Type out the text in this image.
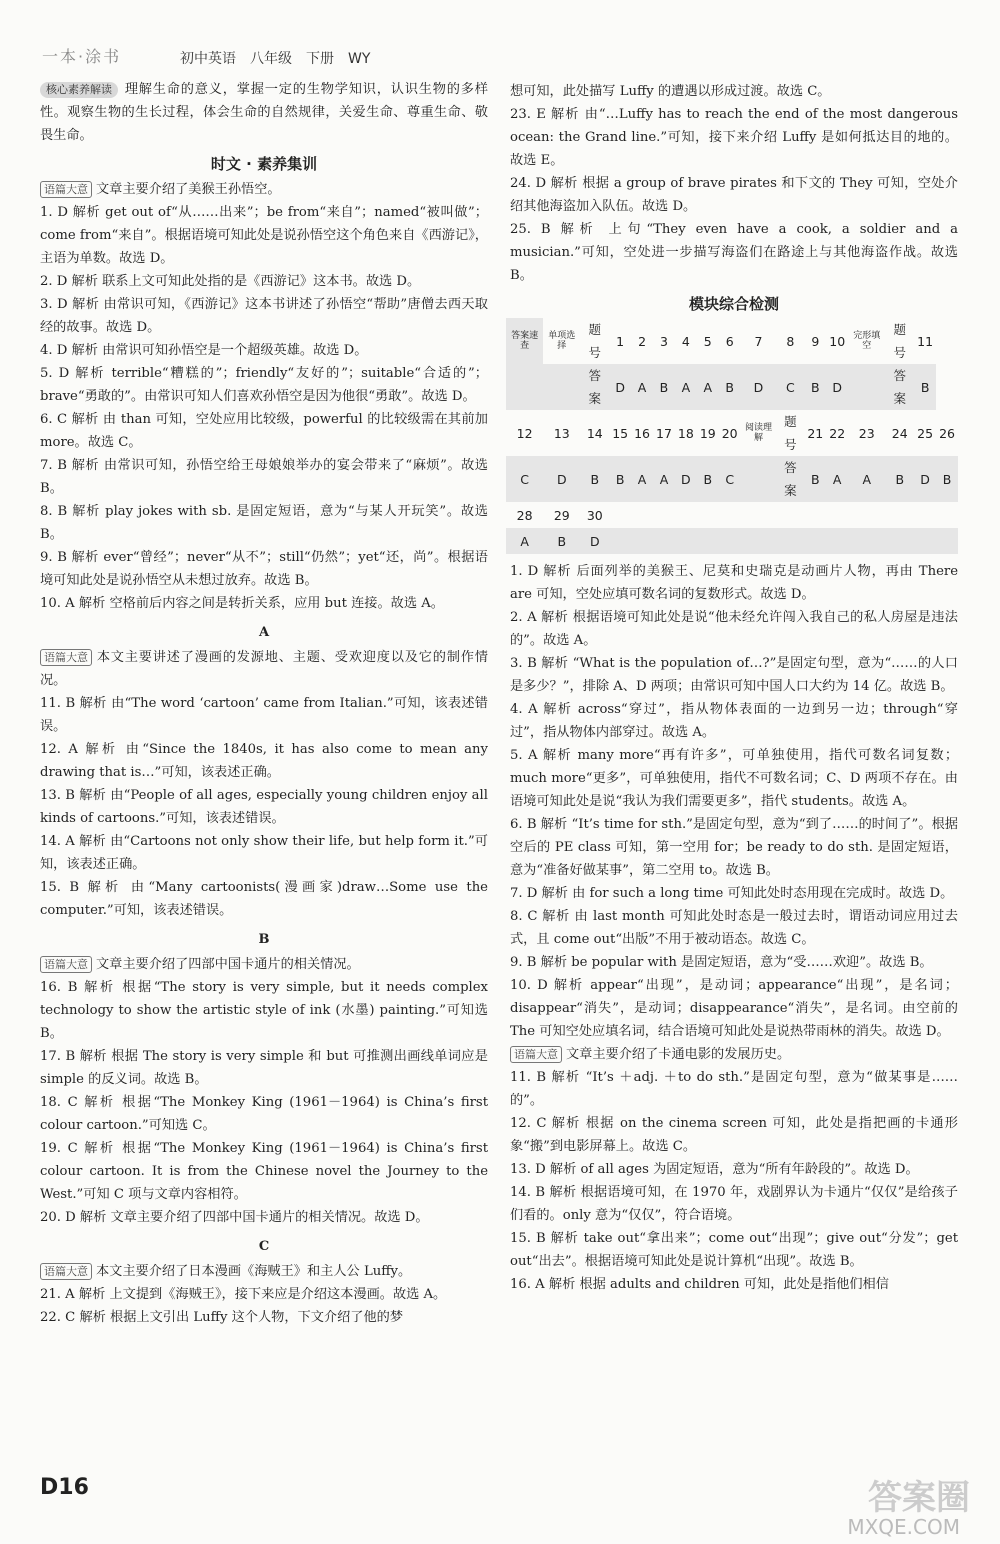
一本·涂书	初中英语　八年级　下册　WY

核心素养解读 理解生命的意义，掌握一定的生物学知识，认识生物的多样性。观察生物的生长过程，体会生命的自然规律，关爱生命、尊重生命、敬畏生命。

时文 · 素养集训

语篇大意 文章主要介绍了美猴王孙悟空。

1. D 解析 get out of“从……出来”；be from“来自”；named“被叫做”；come from“来自”。根据语境可知此处是说孙悟空这个角色来自《西游记》，主语为单数。故选 D。

2. D 解析 联系上文可知此处指的是《西游记》这本书。故选 D。

3. D 解析 由常识可知，《西游记》这本书讲述了孙悟空“帮助”唐僧去西天取经的故事。故选 D。

4. D 解析 由常识可知孙悟空是一个超级英雄。故选 D。

5. D 解析 terrible“糟糕的”；friendly“友好的”；suitable“合适的”；brave“勇敢的”。由常识可知人们喜欢孙悟空是因为他很“勇敢”。故选 D。

6. C 解析 由 than 可知，空处应用比较级，powerful 的比较级需在其前加 more。故选 C。

7. B 解析 由常识可知，孙悟空给王母娘娘举办的宴会带来了“麻烦”。故选 B。

8. B 解析 play jokes with sb. 是固定短语，意为“与某人开玩笑”。故选 B。

9. B 解析 ever“曾经”；never“从不”；still“仍然”；yet“还，尚”。根据语境可知此处是说孙悟空从未想过放弃。故选 B。

10. A 解析 空格前后内容之间是转折关系，应用 but 连接。故选 A。

A

语篇大意 本文主要讲述了漫画的发源地、主题、受欢迎度以及它的制作情况。

11. B 解析 由“The word ‘cartoon’ came from Italian.”可知，该表述错误。

12. A 解析 由“Since the 1840s, it has also come to mean any drawing that is…”可知，该表述正确。

13. B 解析 由“People of all ages, especially young children enjoy all kinds of cartoons.”可知，该表述错误。

14. A 解析 由“Cartoons not only show their life, but help form it.”可知，该表述正确。

15. B 解析 由“Many cartoonists(漫画家)draw…Some use the computer.”可知，该表述错误。

B

语篇大意 文章主要介绍了四部中国卡通片的相关情况。

16. B 解析 根据“The story is very simple, but it needs complex technology to show the artistic style of ink (水墨) painting.”可知选 B。

17. B 解析 根据 The story is very simple 和 but 可推测出画线单词应是 simple 的反义词。故选 B。

18. C 解析 根据“The Monkey King (1961－1964) is China’s first colour cartoon.”可知选 C。

19. C 解析 根据“The Monkey King (1961－1964) is China’s first colour cartoon. It is from the Chinese novel the Journey to the West.”可知 C 项与文章内容相符。

20. D 解析 文章主要介绍了四部中国卡通片的相关情况。故选 D。

C

语篇大意 本文主要介绍了日本漫画《海贼王》和主人公 Luffy。

21. A 解析 上文提到《海贼王》，接下来应是介绍这本漫画。故选 A。

22. C 解析 根据上文引出 Luffy 这个人物，下文介绍了他的梦

想可知，此处描写 Luffy 的遭遇以形成过渡。故选 C。

23. E 解析 由“…Luffy has to reach the end of the most dangerous ocean: the Grand line.”可知，接下来介绍 Luffy 是如何抵达目的地的。故选 E。

24. D 解析 根据 a group of brave pirates 和下文的 They 可知，空处介绍其他海盗加入队伍。故选 D。

25. B 解析 上句“They even have a cook, a soldier and a musician.”可知，空处进一步描写海盗们在路途上与其他海盗作战。故选 B。

模块综合检测
答案速查	单项选择	题号	1	2	3	4	5	6	7	8	9	10	完形填空	题号	11	
		答案	D	A	B	A	A	B	D	C	B	D		答案	B	
12	13	14	15	16	17	18	19	20	阅读理解	题号	21	22	23	24	25	26
C	D	B	B	A	A	D	B	C		答案	B	A	A	B	D	B
28	29	30														
A	B	D														

1. D 解析 后面列举的美猴王、尼莫和史瑞克是动画片人物，再由 There are 可知，空处应填可数名词的复数形式。故选 D。

2. A 解析 根据语境可知此处是说“他未经允许闯入我自己的私人房屋是违法的”。故选 A。

3. B 解析 “What is the population of…?”是固定句型，意为“……的人口是多少？”，排除 A、D 两项；由常识可知中国人口大约为 14 亿。故选 B。

4. A 解析 across“穿过”，指从物体表面的一边到另一边；through“穿过”，指从物体内部穿过。故选 A。

5. A 解析 many more“再有许多”，可单独使用，指代可数名词复数；much more“更多”，可单独使用，指代不可数名词；C、D 两项不存在。由语境可知此处是说“我认为我们需要更多”，指代 students。故选 A。

6. B 解析 “It’s time for sth.”是固定句型，意为“到了……的时间了”。根据空后的 PE class 可知，第一空用 for；be ready to do sth. 是固定短语，意为“准备好做某事”，第二空用 to。故选 B。

7. D 解析 由 for such a long time 可知此处时态用现在完成时。故选 D。

8. C 解析 由 last month 可知此处时态是一般过去时，谓语动词应用过去式，且 come out“出版”不用于被动语态。故选 C。

9. B 解析 be popular with 是固定短语，意为“受……欢迎”。故选 B。

10. D 解析 appear“出现”，是动词；appearance“出现”，是名词；disappear“消失”，是动词；disappearance“消失”，是名词。由空前的 The 可知空处应填名词，结合语境可知此处是说热带雨林的消失。故选 D。

语篇大意 文章主要介绍了卡通电影的发展历史。

11. B 解析 “It’s ＋adj. ＋to do sth.”是固定句型，意为“做某事是……的”。

12. C 解析 根据 on the cinema screen 可知，此处是指把画的卡通形象“搬”到电影屏幕上。故选 C。

13. D 解析 of all ages 为固定短语，意为“所有年龄段的”。故选 D。

14. B 解析 根据语境可知，在 1970 年，戏剧界认为卡通片“仅仅”是给孩子们看的。only 意为“仅仅”，符合语境。

15. B 解析 take out“拿出来”；come out“出现”；give out“分发”；get out“出去”。根据语境可知此处是说计算机“出现”。故选 B。

16. A 解析 根据 adults and children 可知，此处是指他们相信

D16	答案圈
MXQE.COM
